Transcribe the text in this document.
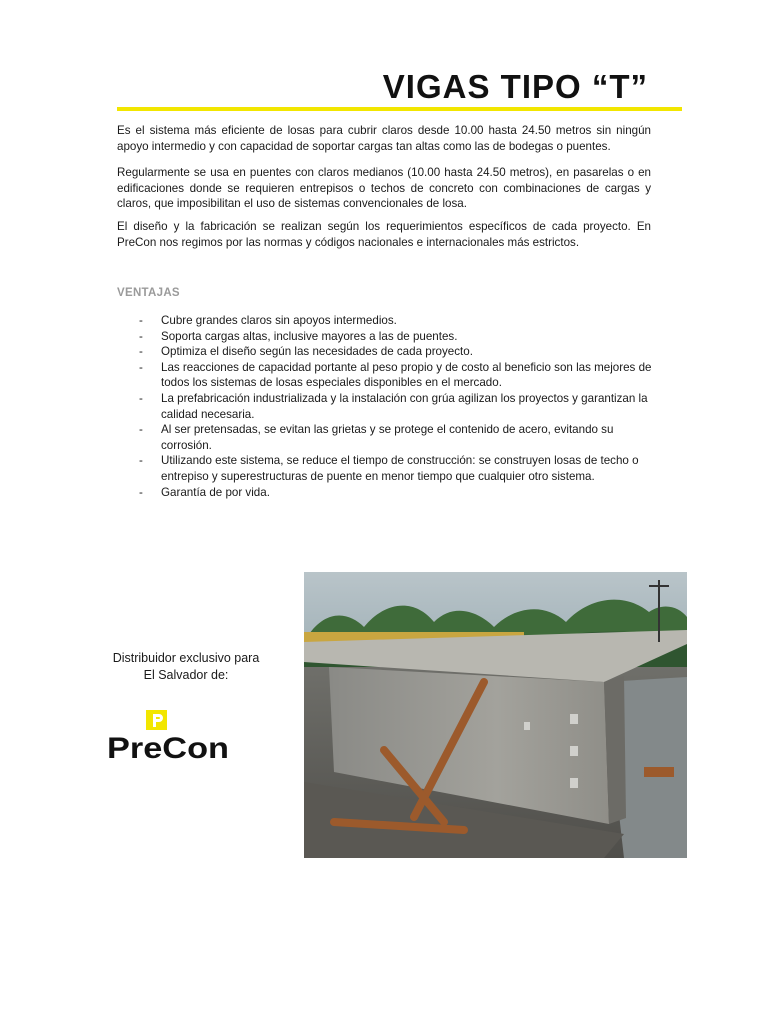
VIGAS TIPO “T”

Es el sistema más eficiente de losas para cubrir claros desde 10.00 hasta 24.50 metros sin ningún apoyo intermedio y con capacidad de soportar cargas tan altas como las de bodegas o puentes.

Regularmente se usa en puentes con claros medianos (10.00 hasta 24.50 metros), en pasarelas o en edificaciones donde se requieren entrepisos o techos de concreto con combinaciones de cargas y claros, que imposibilitan el uso de sistemas convencionales de losa.

El diseño y la fabricación se realizan según los requerimientos específicos de cada proyecto. En PreCon nos regimos por las normas y códigos nacionales e internacionales más estrictos.

VENTAJAS

- Cubre grandes claros sin apoyos intermedios.
- Soporta cargas altas, inclusive mayores a las de puentes.
- Optimiza el diseño según las necesidades de cada proyecto.
- Las reacciones de capacidad portante al peso propio y de costo al beneficio son las mejores de todos los sistemas de losas especiales disponibles en el mercado.
- La prefabricación industrializada y la instalación con grúa agilizan los proyectos y garantizan la calidad necesaria.
- Al ser pretensadas, se evitan las grietas y se protege el contenido de acero, evitando su corrosión.
- Utilizando este sistema, se reduce el tiempo de construcción: se construyen losas de techo o entrepiso y superestructuras de puente en menor tiempo que cualquier otro sistema.
- Garantía de por vida.

Distribuidor exclusivo para
El Salvador de:

PreCon
